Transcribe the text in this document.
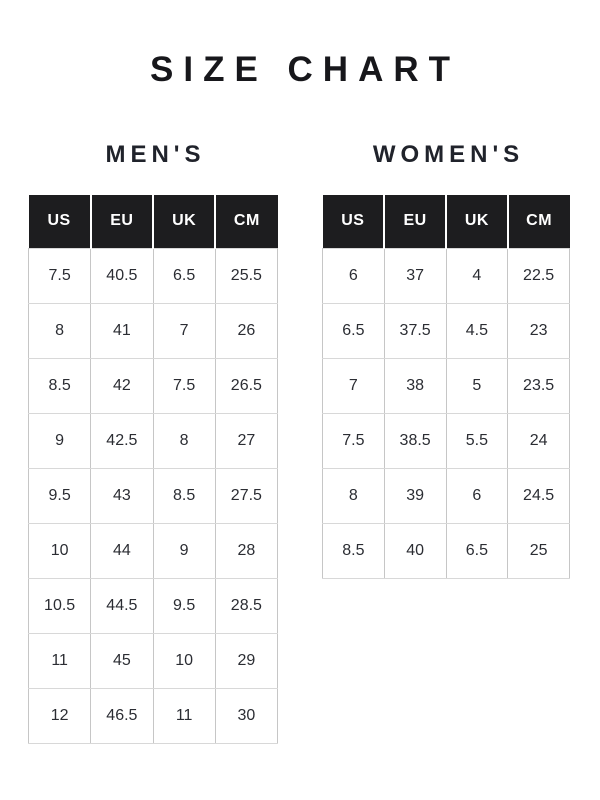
SIZE CHART
MEN'S
US	EU	UK	CM
7.5	40.5	6.5	25.5
8	41	7	26
8.5	42	7.5	26.5
9	42.5	8	27
9.5	43	8.5	27.5
10	44	9	28
10.5	44.5	9.5	28.5
11	45	10	29
12	46.5	11	30
WOMEN'S
US	EU	UK	CM
6	37	4	22.5
6.5	37.5	4.5	23
7	38	5	23.5
7.5	38.5	5.5	24
8	39	6	24.5
8.5	40	6.5	25
